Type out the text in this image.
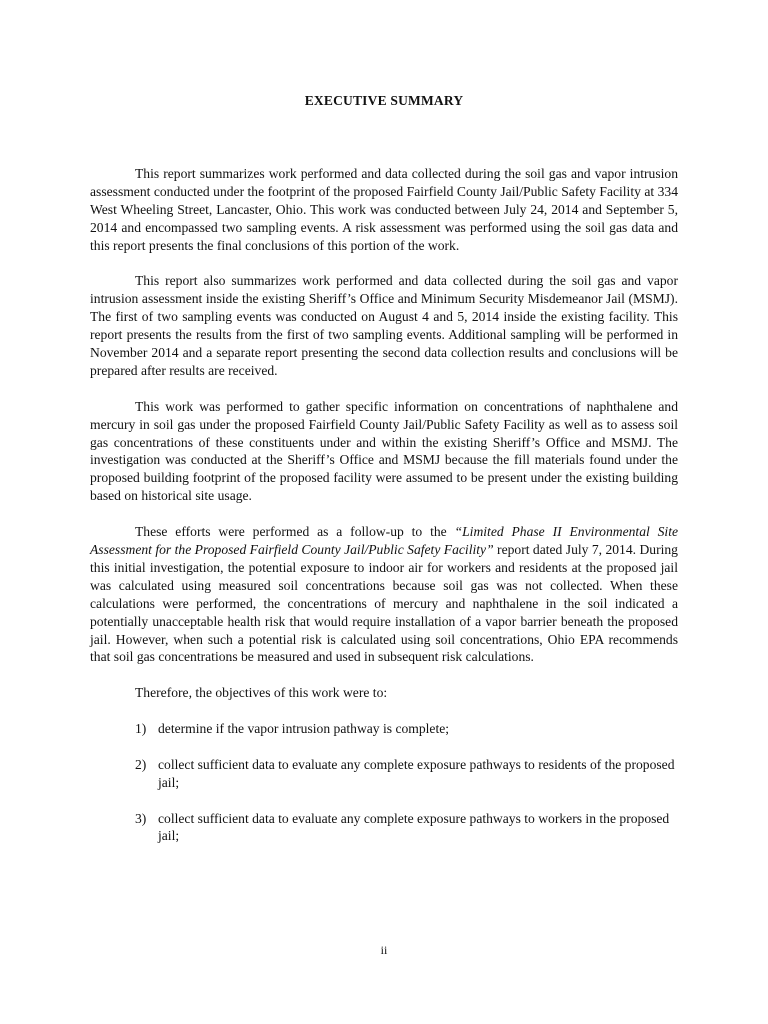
EXECUTIVE SUMMARY

This report summarizes work performed and data collected during the soil gas and vapor intrusion assessment conducted under the footprint of the proposed Fairfield County Jail/Public Safety Facility at 334 West Wheeling Street, Lancaster, Ohio. This work was conducted between July 24, 2014 and September 5, 2014 and encompassed two sampling events. A risk assessment was performed using the soil gas data and this report presents the final conclusions of this portion of the work.

This report also summarizes work performed and data collected during the soil gas and vapor intrusion assessment inside the existing Sheriff’s Office and Minimum Security Misdemeanor Jail (MSMJ). The first of two sampling events was conducted on August 4 and 5, 2014 inside the existing facility. This report presents the results from the first of two sampling events. Additional sampling will be performed in November 2014 and a separate report presenting the second data collection results and conclusions will be prepared after results are received.

This work was performed to gather specific information on concentrations of naphthalene and mercury in soil gas under the proposed Fairfield County Jail/Public Safety Facility as well as to assess soil gas concentrations of these constituents under and within the existing Sheriff’s Office and MSMJ. The investigation was conducted at the Sheriff’s Office and MSMJ because the fill materials found under the proposed building footprint of the proposed facility were assumed to be present under the existing building based on historical site usage.

These efforts were performed as a follow-up to the “Limited Phase II Environmental Site Assessment for the Proposed Fairfield County Jail/Public Safety Facility” report dated July 7, 2014. During this initial investigation, the potential exposure to indoor air for workers and residents at the proposed jail was calculated using measured soil concentrations because soil gas was not collected. When these calculations were performed, the concentrations of mercury and naphthalene in the soil indicated a potentially unacceptable health risk that would require installation of a vapor barrier beneath the proposed jail. However, when such a potential risk is calculated using soil concentrations, Ohio EPA recommends that soil gas concentrations be measured and used in subsequent risk calculations.

Therefore, the objectives of this work were to:

1) determine if the vapor intrusion pathway is complete;
2) collect sufficient data to evaluate any complete exposure pathways to residents of the proposed jail;
3) collect sufficient data to evaluate any complete exposure pathways to workers in the proposed jail;
ii
